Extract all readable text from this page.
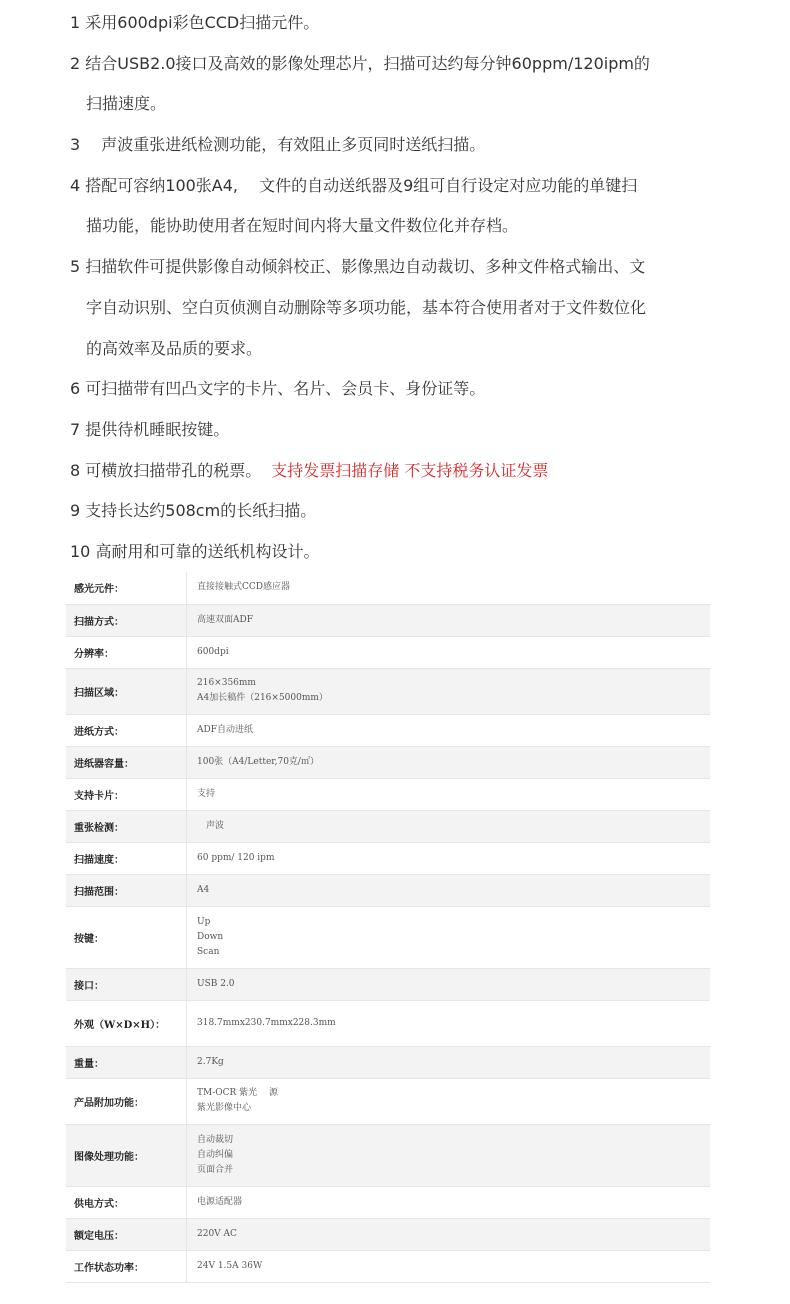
1 采用600dpi彩色CCD扫描元件。
2 结合USB2.0接口及高效的影像处理芯片，扫描可达约每分钟60ppm/120ipm的
扫描速度。
3　 声波重张进纸检测功能，有效阻止多页同时送纸扫描。
4 搭配可容纳100张A4,　 文件的自动送纸器及9组可自行设定对应功能的单键扫
描功能，能协助使用者在短时间内将大量文件数位化并存档。
5 扫描软件可提供影像自动倾斜校正、影像黑边自动裁切、多种文件格式输出、文
字自动识别、空白页侦测自动删除等多项功能，基本符合使用者对于文件数位化
的高效率及品质的要求。
6 可扫描带有凹凸文字的卡片、名片、会员卡、身份证等。
7 提供待机睡眠按键。
8 可横放扫描带孔的税票。 支持发票扫描存储 不支持税务认证发票
9 支持长达约508cm的长纸扫描。
10 高耐用和可靠的送纸机构设计。
感光元件：	直接接触式CCD感应器

扫描方式：	高速双面ADF

分辨率：	600dpi

扫描区域：	216×356mm
A4加长稿件（216×5000mm）

进纸方式：	ADF自动进纸

进纸器容量：	100张（A4/Letter,70克/㎡）

支持卡片：	支持

重张检测：	　声波

扫描速度：	60 ppm/ 120 ipm

扫描范围：	A4

按键：	Up
Down
Scan

接口：	USB 2.0

外观（W×D×H）：	318.7mmx230.7mmx228.3mm

重量：	2.7Kg

产品附加功能：	TM-OCR 紫光　 源
紫光影像中心

图像处理功能：	自动裁切
自动纠偏
页面合并

供电方式：	电源适配器

额定电压：	220V AC

工作状态功率：	24V 1.5A 36W
